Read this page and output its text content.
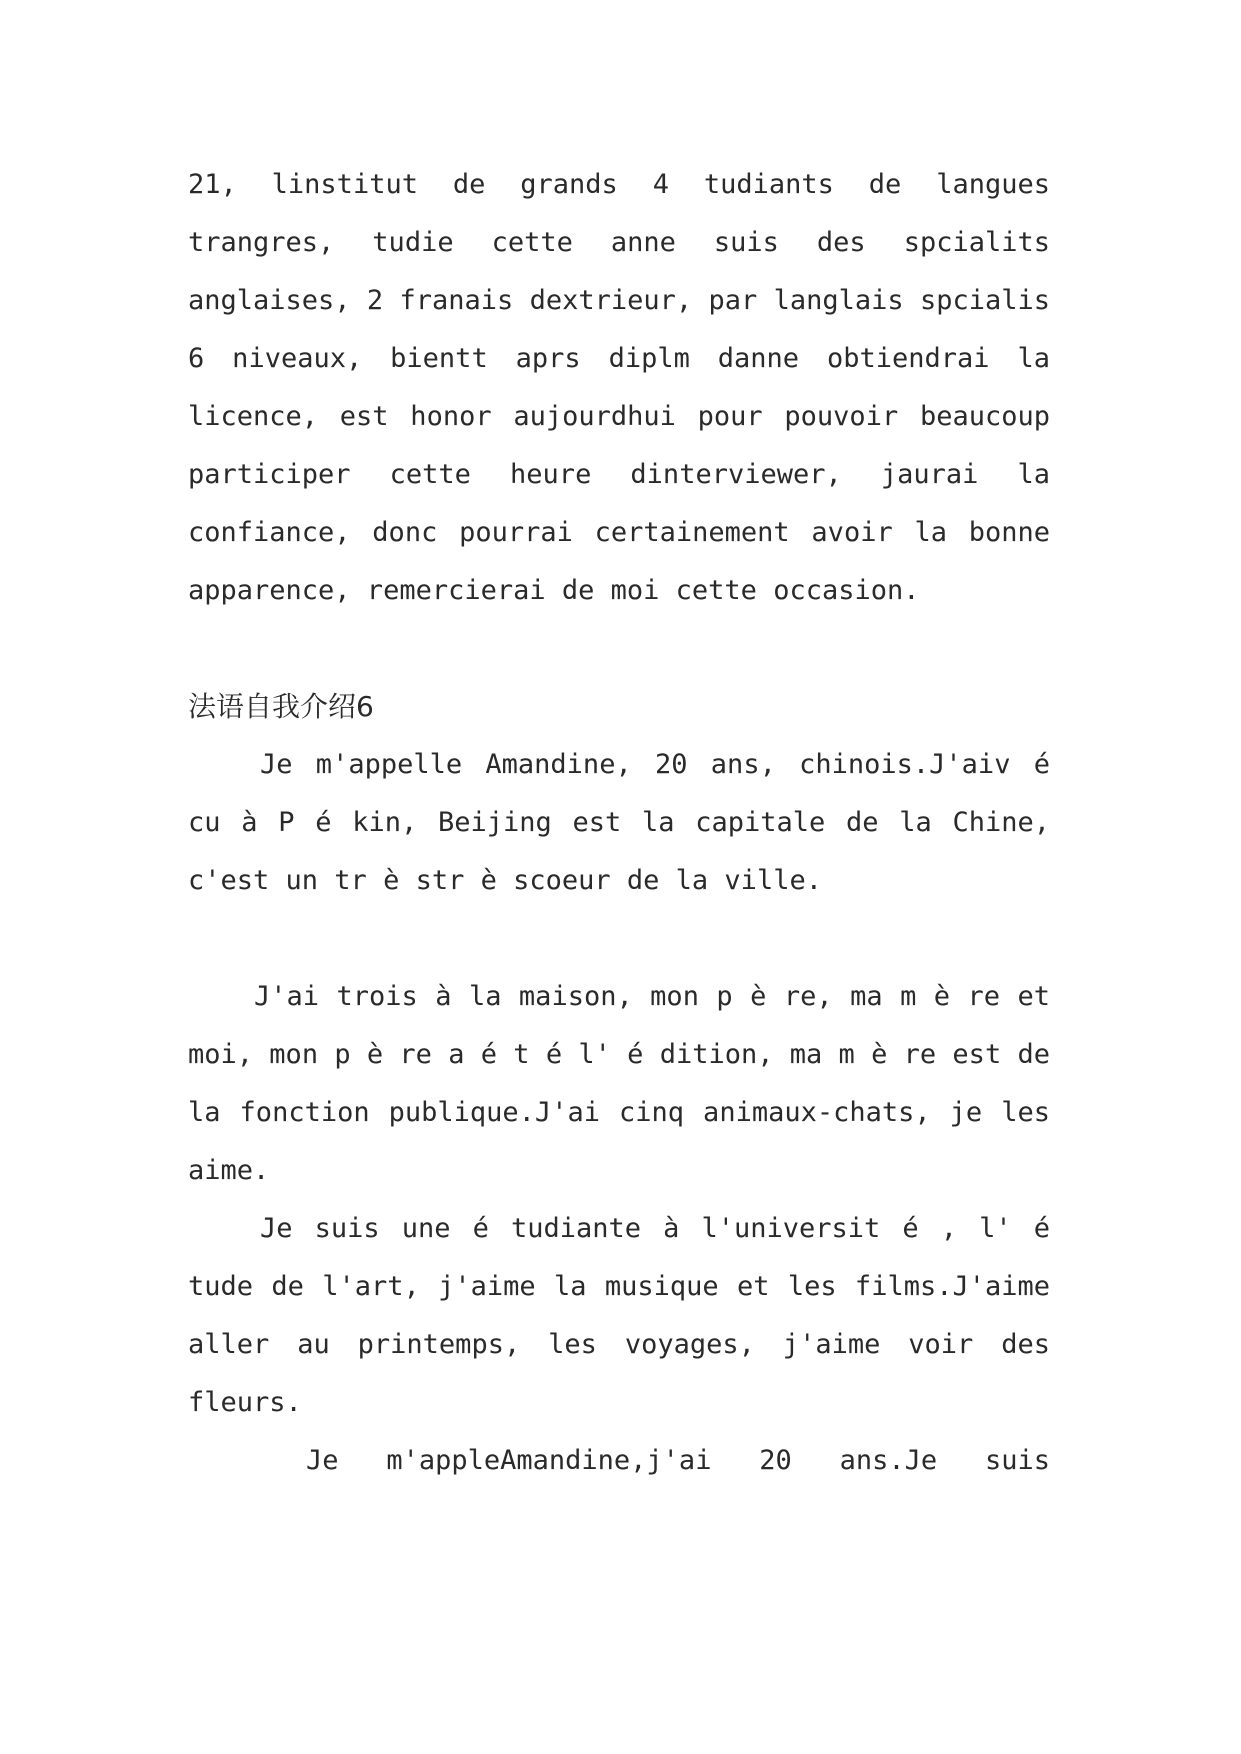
21, linstitut de grands 4 tudiants de langues trangres, tudie cette anne suis des spcialits anglaises, 2 franais dextrieur, par langlais spcialis 6 niveaux, bientt aprs diplm danne obtiendrai la licence, est honor aujourdhui pour pouvoir beaucoup participer cette heure dinterviewer, jaurai la confiance, donc pourrai certainement avoir la bonne apparence, remercierai de moi cette occasion.

法语自我介绍6

Je m'appelle Amandine, 20 ans, chinois.J'aiv é cu à P é kin, Beijing est la capitale de la Chine, c'est un tr è str è scoeur de la ville.

J'ai trois à la maison, mon p è re, ma m è re et moi, mon p è re a é t é l' é dition, ma m è re est de la fonction publique.J'ai cinq animaux-chats, je les aime.

Je suis une é tudiante à l'universit é , l' é tude de l'art, j'aime la musique et les films.J'aime aller au printemps, les voyages, j'aime voir des fleurs.

Je m'appleAmandine,j'ai 20 ans.Je suis
